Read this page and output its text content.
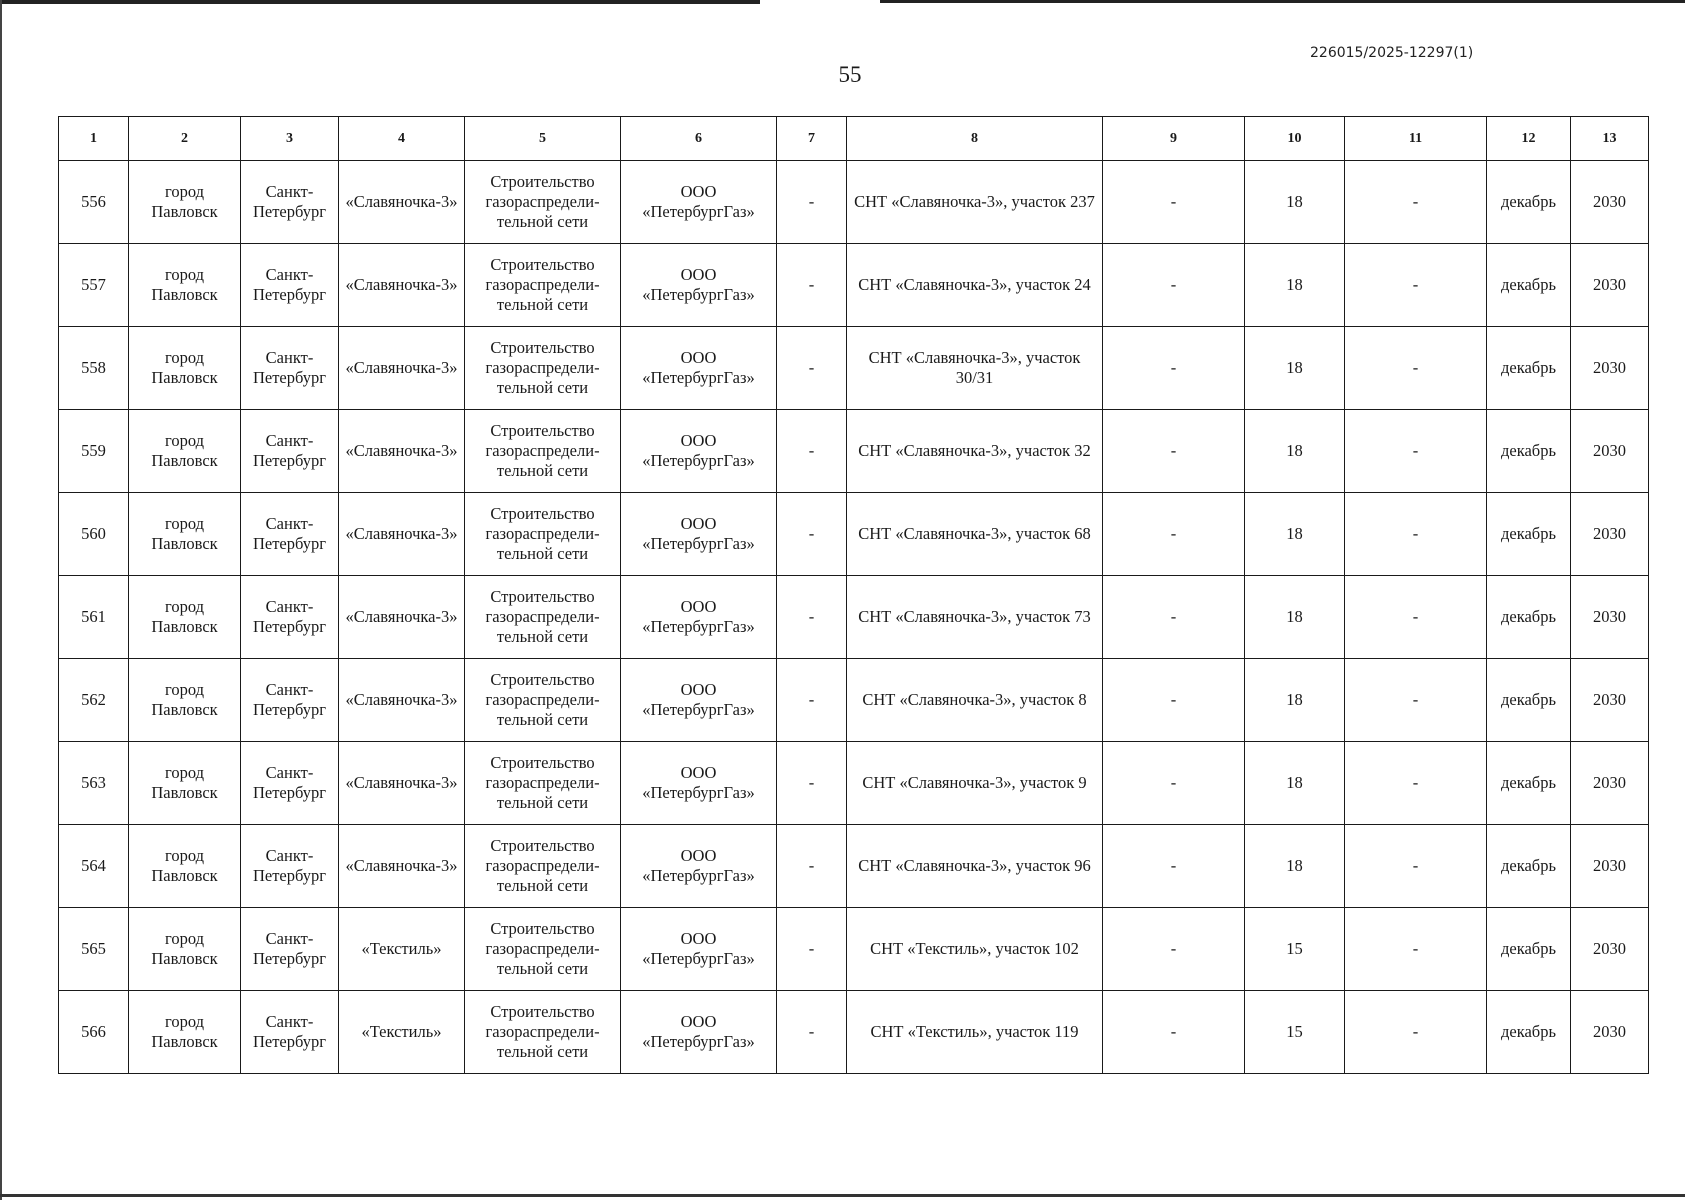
226015/2025-12297(1)
55
1	2	3	4	5	6	7	8	9	10	11	12	13
556	город Павловск	Санкт-Петербург	«Славяночка-3»	Строительство газораспредели-тельной сети	ООО «ПетербургГаз»	-	СНТ «Славяночка-3», участок 237	-	18	-	декабрь	2030
557	город Павловск	Санкт-Петербург	«Славяночка-3»	Строительство газораспредели-тельной сети	ООО «ПетербургГаз»	-	СНТ «Славяночка-3», участок 24	-	18	-	декабрь	2030
558	город Павловск	Санкт-Петербург	«Славяночка-3»	Строительство газораспредели-тельной сети	ООО «ПетербургГаз»	-	СНТ «Славяночка-3», участок 30/31	-	18	-	декабрь	2030
559	город Павловск	Санкт-Петербург	«Славяночка-3»	Строительство газораспредели-тельной сети	ООО «ПетербургГаз»	-	СНТ «Славяночка-3», участок 32	-	18	-	декабрь	2030
560	город Павловск	Санкт-Петербург	«Славяночка-3»	Строительство газораспредели-тельной сети	ООО «ПетербургГаз»	-	СНТ «Славяночка-3», участок 68	-	18	-	декабрь	2030
561	город Павловск	Санкт-Петербург	«Славяночка-3»	Строительство газораспредели-тельной сети	ООО «ПетербургГаз»	-	СНТ «Славяночка-3», участок 73	-	18	-	декабрь	2030
562	город Павловск	Санкт-Петербург	«Славяночка-3»	Строительство газораспредели-тельной сети	ООО «ПетербургГаз»	-	СНТ «Славяночка-3», участок 8	-	18	-	декабрь	2030
563	город Павловск	Санкт-Петербург	«Славяночка-3»	Строительство газораспредели-тельной сети	ООО «ПетербургГаз»	-	СНТ «Славяночка-3», участок 9	-	18	-	декабрь	2030
564	город Павловск	Санкт-Петербург	«Славяночка-3»	Строительство газораспредели-тельной сети	ООО «ПетербургГаз»	-	СНТ «Славяночка-3», участок 96	-	18	-	декабрь	2030
565	город Павловск	Санкт-Петербург	«Текстиль»	Строительство газораспредели-тельной сети	ООО «ПетербургГаз»	-	СНТ «Текстиль», участок 102	-	15	-	декабрь	2030
566	город Павловск	Санкт-Петербург	«Текстиль»	Строительство газораспредели-тельной сети	ООО «ПетербургГаз»	-	СНТ «Текстиль», участок 119	-	15	-	декабрь	2030
